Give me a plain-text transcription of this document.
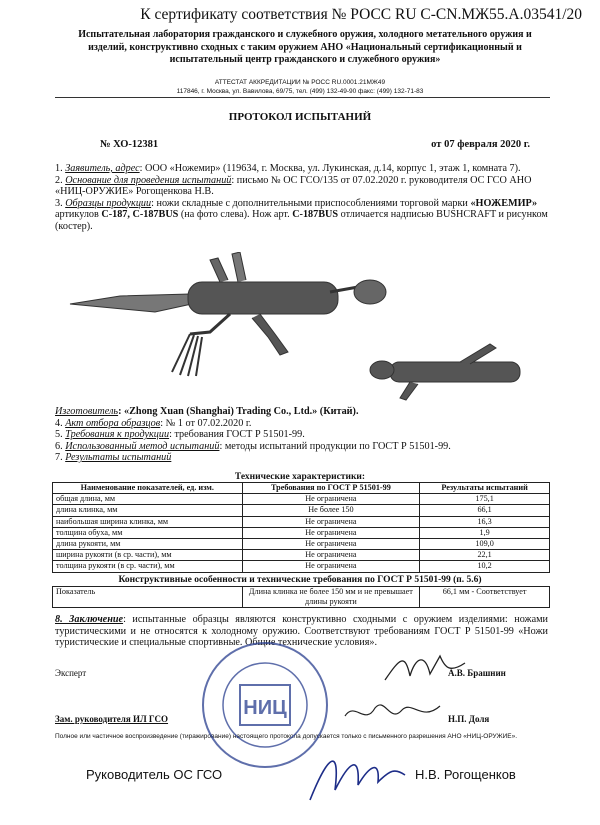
К сертификату соответствия № РОСС RU С-CN.МЖ55.А.03541/20
Испытательная лаборатория гражданского и служебного оружия, холодного метательного оружия и
изделий, конструктивно сходных с таким оружием АНО «Национальный сертификационный и
испытательный центр гражданского и служебного оружия»
АТТЕСТАТ АККРЕДИТАЦИИ № РОСС RU.0001.21МЖ49
117846, г. Москва, ул. Вавилова, 69/75, тел. (499) 132-49-90 факс: (499) 132-71-83
ПРОТОКОЛ ИСПЫТАНИЙ
№ ХО-12381	от 07 февраля 2020 г.
1. Заявитель, адрес: ООО «Ножемир» (119634, г. Москва, ул. Лукинская, д.14, корпус 1, этаж 1, комната 7).
2. Основание для проведения испытаний: письмо № ОС ГСО/135 от 07.02.2020 г. руководителя ОС ГСО АНО «НИЦ-ОРУЖИЕ» Рогощенкова Н.В.
3. Образцы продукции: ножи складные с дополнительными приспособлениями торговой марки «НОЖЕМИР» артикулов С-187, С-187BUS (на фото слева). Нож арт. С-187BUS отличается надписью BUSHCRAFT и рисунком (костер).
Изготовитель: «Zhong Xuan (Shanghai) Trading Co., Ltd.» (Китай).
4. Акт отбора образцов: № 1 от 07.02.2020 г.
5. Требования к продукции: требования ГОСТ Р 51501-99.
6. Использованный метод испытаний: методы испытаний продукции по ГОСТ Р 51501-99.
7. Результаты испытаний
Технические характеристики:
Наименование показателей, ед. изм.	Требования по ГОСТ Р 51501-99	Результаты испытаний
общая длина, мм	Не ограничена	175,1
длина клинка, мм	Не более 150	66,1
наибольшая ширина клинка, мм	Не ограничена	16,3
толщина обуха, мм	Не ограничена	1,9
длина рукояти, мм	Не ограничена	109,0
ширина рукояти (в ср. части), мм	Не ограничена	22,1
толщина рукояти (в ср. части), мм	Не ограничена	10,2
Конструктивные особенности и технические требования по ГОСТ Р 51501-99 (п. 5.6)
Показатель	Длина клинка не более 150 мм и не превышает длины рукояти	66,1 мм - Соответствует
8. Заключение: испытанные образцы являются конструктивно сходными с оружием изделиями: ножами туристическими и не относятся к холодному оружию. Соответствуют требованиям ГОСТ Р 51501-99 «Ножи туристические и специальные спортивные. Общие технические условия».
Эксперт	А.В. Брашнин
Зам. руководителя ИЛ ГСО	Н.П. Доля
Полное или частичное воспроизведение (тиражирование) настоящего протокола допускается только с письменного разрешения АНО «НИЦ-ОРУЖИЕ».
НИЦ
Руководитель ОС ГСО	Н.В. Рогощенков
